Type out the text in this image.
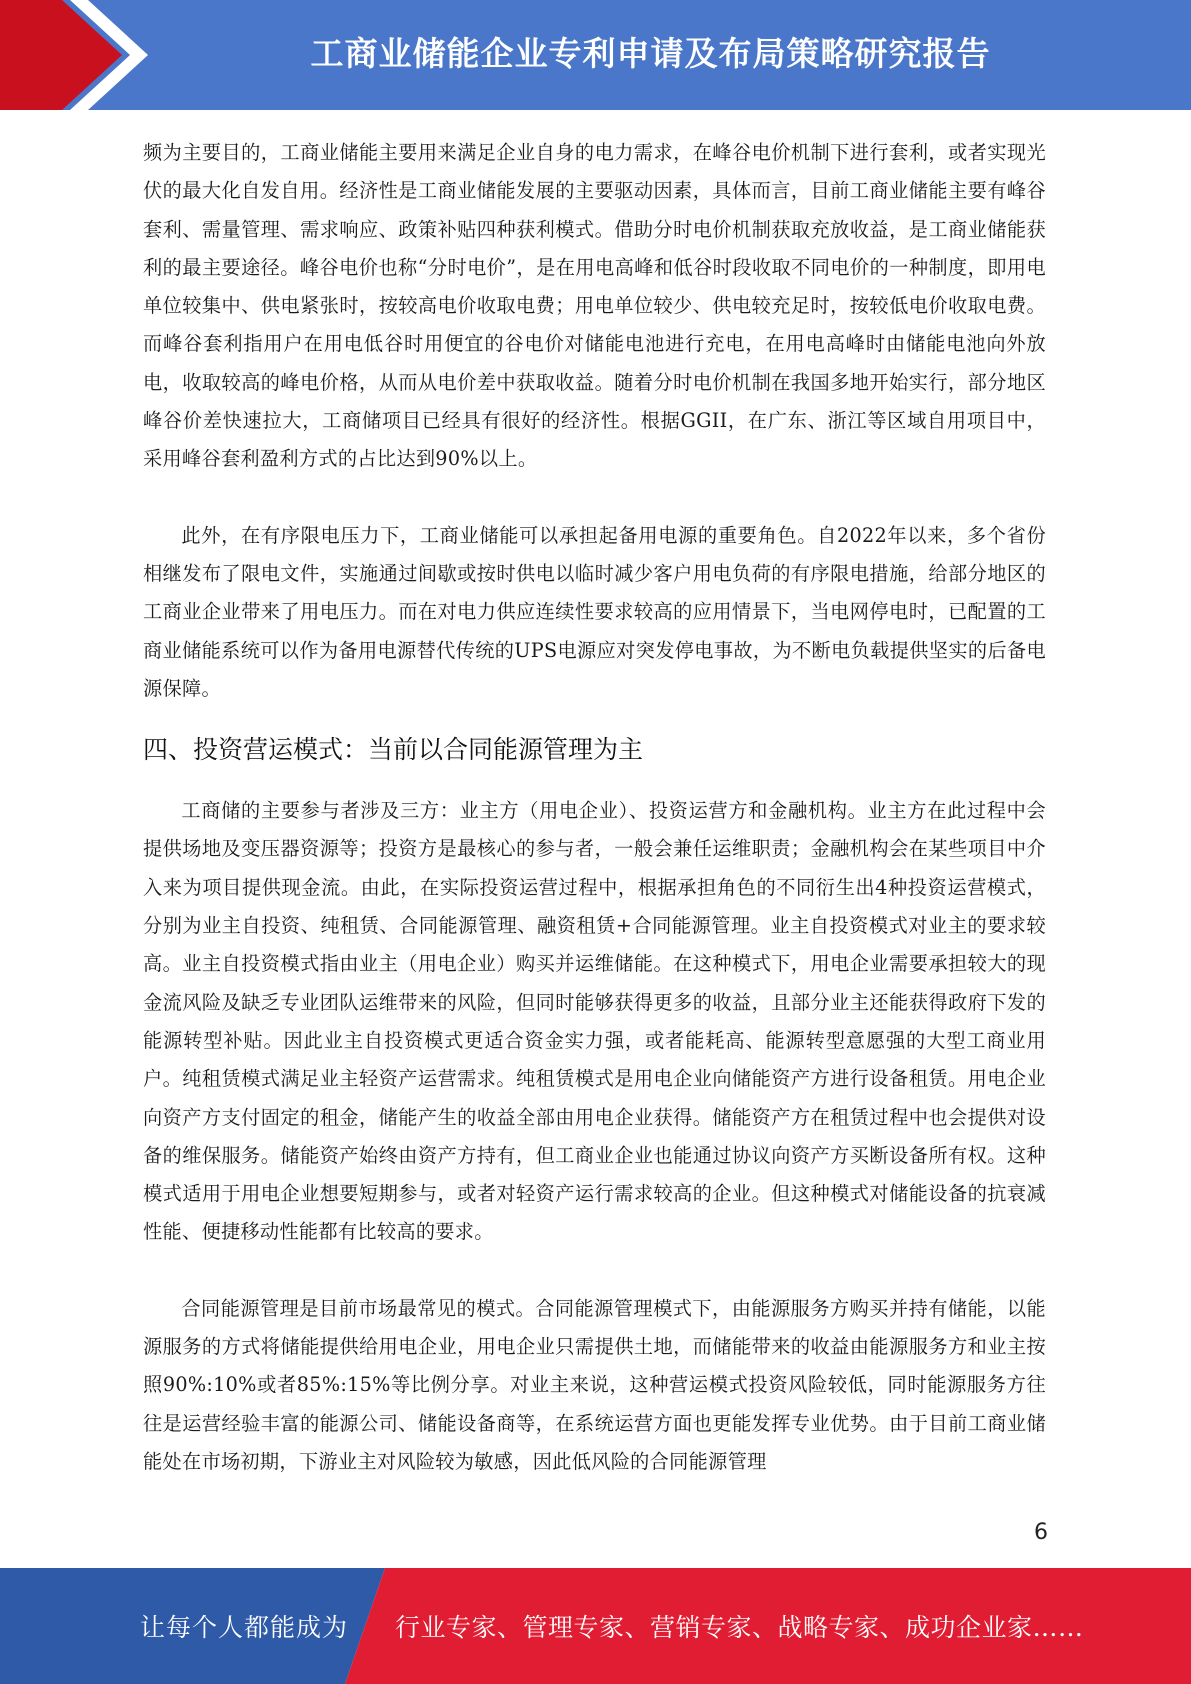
工商业储能企业专利申请及布局策略研究报告

频为主要目的，工商业储能主要用来满足企业自身的电力需求，在峰谷电价机制下进行套利，或者实现光伏的最大化自发自用。经济性是工商业储能发展的主要驱动因素，具体而言，目前工商业储能主要有峰谷套利、需量管理、需求响应、政策补贴四种获利模式。借助分时电价机制获取充放收益，是工商业储能获利的最主要途径。峰谷电价也称“分时电价”，是在用电高峰和低谷时段收取不同电价的一种制度，即用电单位较集中、供电紧张时，按较高电价收取电费；用电单位较少、供电较充足时，按较低电价收取电费。而峰谷套利指用户在用电低谷时用便宜的谷电价对储能电池进行充电，在用电高峰时由储能电池向外放电，收取较高的峰电价格，从而从电价差中获取收益。随着分时电价机制在我国多地开始实行，部分地区峰谷价差快速拉大，工商储项目已经具有很好的经济性。根据GGII，在广东、浙江等区域自用项目中，采用峰谷套利盈利方式的占比达到90%以上。

此外，在有序限电压力下，工商业储能可以承担起备用电源的重要角色。自2022年以来，多个省份相继发布了限电文件，实施通过间歇或按时供电以临时减少客户用电负荷的有序限电措施，给部分地区的工商业企业带来了用电压力。而在对电力供应连续性要求较高的应用情景下，当电网停电时，已配置的工商业储能系统可以作为备用电源替代传统的UPS电源应对突发停电事故，为不断电负载提供坚实的后备电源保障。

四、投资营运模式：当前以合同能源管理为主

工商储的主要参与者涉及三方：业主方（用电企业）、投资运营方和金融机构。业主方在此过程中会提供场地及变压器资源等；投资方是最核心的参与者，一般会兼任运维职责；金融机构会在某些项目中介入来为项目提供现金流。由此，在实际投资运营过程中，根据承担角色的不同衍生出4种投资运营模式，分别为业主自投资、纯租赁、合同能源管理、融资租赁+合同能源管理。业主自投资模式对业主的要求较高。业主自投资模式指由业主（用电企业）购买并运维储能。在这种模式下，用电企业需要承担较大的现金流风险及缺乏专业团队运维带来的风险，但同时能够获得更多的收益，且部分业主还能获得政府下发的能源转型补贴。因此业主自投资模式更适合资金实力强，或者能耗高、能源转型意愿强的大型工商业用户。纯租赁模式满足业主轻资产运营需求。纯租赁模式是用电企业向储能资产方进行设备租赁。用电企业向资产方支付固定的租金，储能产生的收益全部由用电企业获得。储能资产方在租赁过程中也会提供对设备的维保服务。储能资产始终由资产方持有，但工商业企业也能通过协议向资产方买断设备所有权。这种模式适用于用电企业想要短期参与，或者对轻资产运行需求较高的企业。但这种模式对储能设备的抗衰减性能、便捷移动性能都有比较高的要求。

合同能源管理是目前市场最常见的模式。合同能源管理模式下，由能源服务方购买并持有储能，以能源服务的方式将储能提供给用电企业，用电企业只需提供土地，而储能带来的收益由能源服务方和业主按照90%:10%或者85%:15%等比例分享。对业主来说，这种营运模式投资风险较低，同时能源服务方往往是运营经验丰富的能源公司、储能设备商等，在系统运营方面也更能发挥专业优势。由于目前工商业储能处在市场初期，下游业主对风险较为敏感，因此低风险的合同能源管理

6
让每个人都能成为 行业专家、管理专家、营销专家、战略专家、成功企业家……
